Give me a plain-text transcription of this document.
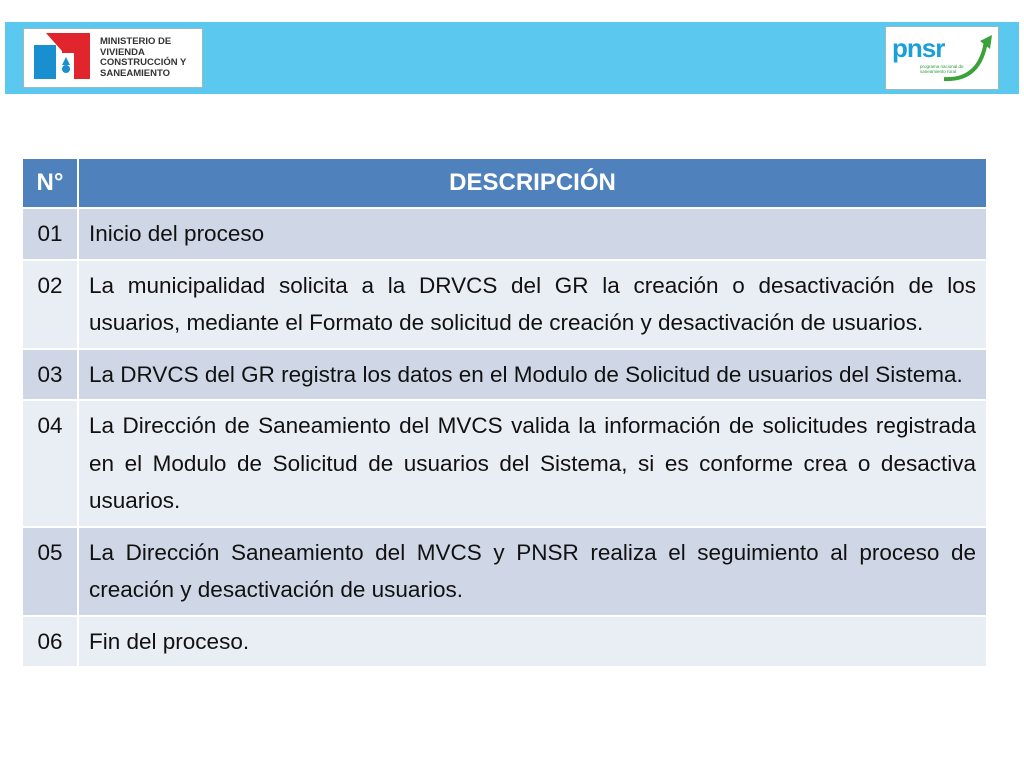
MINISTERIO DE
VIVIENDA
CONSTRUCCIÓN Y
SANEAMIENTO
pnsr
programa nacional de saneamiento rural
N°	DESCRIPCIÓN
01	Inicio del proceso
02	La municipalidad solicita a la DRVCS del GR la creación o desactivación de los usuarios, mediante el Formato de solicitud de creación y desactivación de usuarios.
03	La DRVCS del GR registra los datos en el Modulo de Solicitud de usuarios del Sistema.
04	La Dirección de Saneamiento del MVCS valida la información de solicitudes registrada en el Modulo de Solicitud de usuarios del Sistema, si es conforme crea o desactiva usuarios.
05	La Dirección Saneamiento del MVCS y PNSR realiza el seguimiento al proceso de creación y desactivación de usuarios.
06	Fin del proceso.
